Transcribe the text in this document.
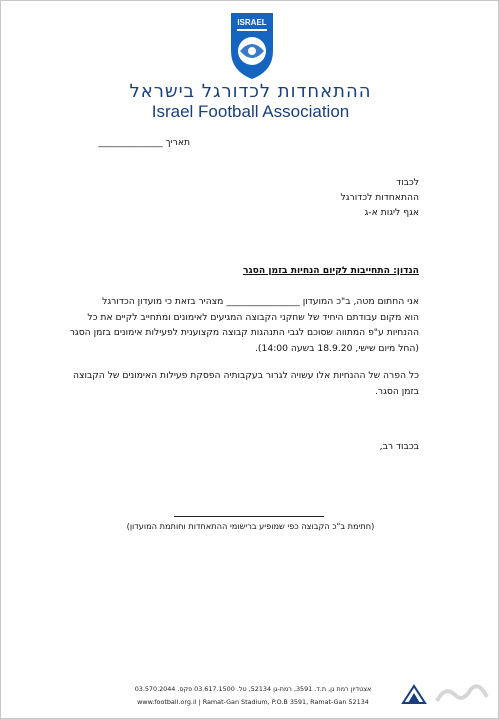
ISRAEL
ההתאחדות לכדורגל בישראל
Israel Football Association
תאריך ______________
לכבוד
ההתאחדות לכדורגל
אגף ליגות א-ג
הנדון: התחייבות לקיום הנחיות בזמן הסגר
אני החתום מטה, ב"כ המועדון ________________ מצהיר בזאת כי מועדון הכדורגל
הוא מקום עבודתם היחיד של שחקני הקבוצה המגיעים לאימונים ומתחייב לקיים את כל
ההנחיות ע"פ המתווה שסוכם לגבי התנהגות קבוצה מקצוענית לפעילות אימונים בזמן הסגר
(החל מיום שישי, 18.9.20 בשעה 14:00).
כל הפרה של ההנחיות אלו עשויה לגרור בעקבותיה הפסקת פעילות האימונים של הקבוצה
בזמן הסגר.
בכבוד רב,
(חתימת ב"כ הקבוצה כפי שמופיע ברישומי ההתאחדות וחותמת המועדון)
אצטדיון רמת גן, ת.ד. 3591, רמת-גן 52134, טל. 03.617.1500 פקס. 03.570.2044
www.football.org.il | Ramat-Gan Stadium, P.O.B 3591, Ramat-Gan 52134
